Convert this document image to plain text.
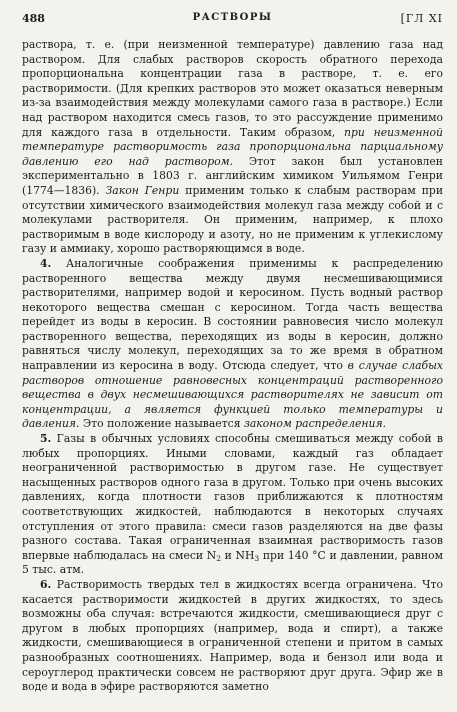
488	РАСТВОРЫ	[ГЛ XI

раствора, т. е. (при неизменной температуре) давлению газа над раствором. Для слабых растворов скорость обратного перехода пропорциональна концентрации газа в растворе, т. е. его растворимости. (Для крепких растворов это может оказаться неверным из-за взаимодействия между молекулами самого газа в растворе.) Если над раствором находится смесь газов, то это рассуждение применимо для каждого газа в отдельности. Таким образом, при неизменной температуре растворимость газа пропорциональна парциальному давлению его над раствором. Этот закон был установлен экспериментально в 1803 г. английским химиком Уильямом Генри (1774—1836). Закон Генри применим только к слабым растворам при отсутствии химического взаимодействия молекул газа между собой и с молекулами растворителя. Он применим, например, к плохо растворимым в воде кислороду и азоту, но не применим к углекислому газу и аммиаку, хорошо растворяющимся в воде.

4. Аналогичные соображения применимы к распределению растворенного вещества между двумя несмешивающимися растворителями, например водой и керосином. Пусть водный раствор некоторого вещества смешан с керосином. Тогда часть вещества перейдет из воды в керосин. В состоянии равновесия число молекул растворенного вещества, переходящих из воды в керосин, должно равняться числу молекул, переходящих за то же время в обратном направлении из керосина в воду. Отсюда следует, что в случае слабых растворов отношение равновесных концентраций растворенного вещества в двух несмешивающихся растворителях не зависит от концентрации, а является функцией только температуры и давления. Это положение называется законом распределения.

5. Газы в обычных условиях способны смешиваться между собой в любых пропорциях. Иными словами, каждый газ обладает неограниченной растворимостью в другом газе. Не существует насыщенных растворов одного газа в другом. Только при очень высоких давлениях, когда плотности газов приближаются к плотностям соответствующих жидкостей, наблюдаются в некоторых случаях отступления от этого правила: смеси газов разделяются на две фазы разного состава. Такая ограниченная взаимная растворимость газов впервые наблюдалась на смеси $N_2$ и $NH_3$ при 140 °С и давлении, равном 5 тыс. атм.

6. Растворимость твердых тел в жидкостях всегда ограничена. Что касается растворимости жидкостей в других жидкостях, то здесь возможны оба случая: встречаются жидкости, смешивающиеся друг с другом в любых пропорциях (например, вода и спирт), а также жидкости, смешивающиеся в ограниченной степени и притом в самых разнообразных соотношениях. Например, вода и бензол или вода и сероуглерод практически совсем не растворяют друг друга. Эфир же в воде и вода в эфире растворяются заметно
